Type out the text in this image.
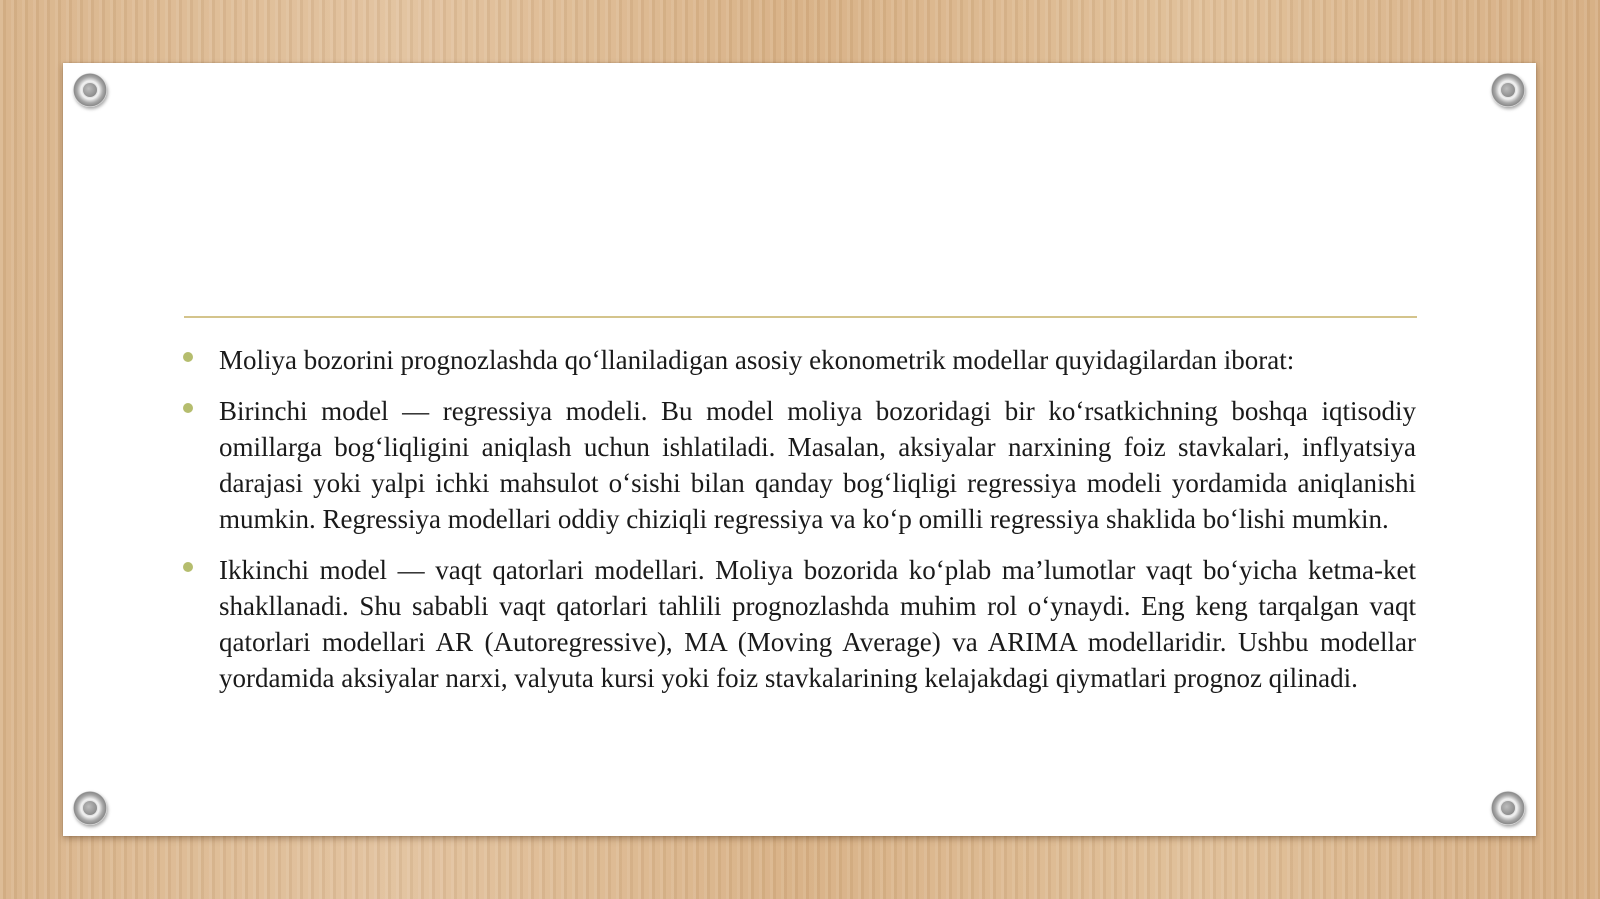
Moliya bozorini prognozlashda qo‘llaniladigan asosiy ekonometrik modellar quyidagilardan iborat:

Birinchi model — regressiya modeli. Bu model moliya bozoridagi bir ko‘rsatkichning boshqa iqtisodiy omillarga bog‘liqligini aniqlash uchun ishlatiladi. Masalan, aksiyalar narxining foiz stavkalari, inflyatsiya darajasi yoki yalpi ichki mahsulot o‘sishi bilan qanday bog‘liqligi regressiya modeli yordamida aniqlanishi mumkin. Regressiya modellari oddiy chiziqli regressiya va ko‘p omilli regressiya shaklida bo‘lishi mumkin.

Ikkinchi model — vaqt qatorlari modellari. Moliya bozorida ko‘plab ma’lumotlar vaqt bo‘yicha ketma-ket shakllanadi. Shu sababli vaqt qatorlari tahlili prognozlashda muhim rol o‘ynaydi. Eng keng tarqalgan vaqt qatorlari modellari AR (Autoregressive), MA (Moving Average) va ARIMA modellaridir. Ushbu modellar yordamida aksiyalar narxi, valyuta kursi yoki foiz stavkalarining kelajakdagi qiymatlari prognoz qilinadi.
